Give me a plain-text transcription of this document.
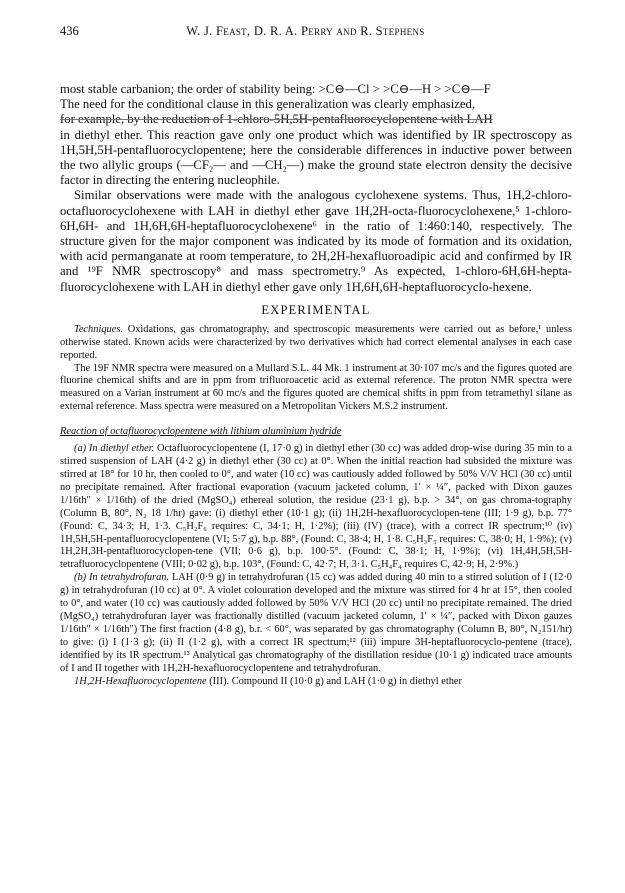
436	W. J. Feast, D. R. A. Perry and R. Stephens

most stable carbanion; the order of stability being: >C⊖—Cl > >C⊖—H > >C⊖—F

The need for the conditional clause in this generalization was clearly emphasized,

for example, by the reduction of 1-chloro-5H,5H-pentafluorocyclopentene with LAH

in diethyl ether. This reaction gave only one product which was identified by IR spectroscopy as 1H,5H,5H-pentafluorocyclopentene; here the considerable differences in inductive power between the two allylic groups (—CF₂— and —CH₂—) make the ground state electron density the decisive factor in directing the entering nucleophile.

Similar observations were made with the analogous cyclohexene systems. Thus, 1H,2-chloro-octafluorocyclohexene with LAH in diethyl ether gave 1H,2H-octa-fluorocyclohexene,⁵ 1-chloro-6H,6H- and 1H,6H,6H-heptafluorocyclohexene⁶ in the ratio of 1:460:140, respectively. The structure given for the major component was indicated by its mode of formation and its oxidation, with acid permanganate at room temperature, to 2H,2H-hexafluoroadipic acid and confirmed by IR and ¹⁹F NMR spectroscopy⁸ and mass spectrometry.⁹ As expected, 1-chloro-6H,6H-hepta-fluorocyclohexene with LAH in diethyl ether gave only 1H,6H,6H-heptafluorocyclo-hexene.

EXPERIMENTAL

Techniques. Oxidations, gas chromatography, and spectroscopic measurements were carried out as before,¹ unless otherwise stated. Known acids were characterized by two derivatives which had correct elemental analyses in each case reported.

The 19F NMR spectra were measured on a Mullard S.L. 44 Mk. 1 instrument at 30·107 mc/s and the figures quoted are fluorine chemical shifts and are in ppm from trifluoroacetic acid as external reference. The proton NMR spectra were measured on a Varian instrument at 60 mc/s and the figures quoted are chemical shifts in ppm from tetramethyl silane as external reference. Mass spectra were measured on a Metropolitan Vickers M.S.2 instrument.

Reaction of octafluorocyclopentene with lithium aluminium hydride

(a) In diethyl ether. Octafluorocyclopentene (I, 17·0 g) in diethyl ether (30 cc) was added drop-wise during 35 min to a stirred suspension of LAH (4·2 g) in diethyl ether (30 cc) at 0°. When the initial reaction had subsided the mixture was stirred at 18° for 10 hr, then cooled to 0°, and water (10 cc) was cautiously added followed by 50% V/V HCl (30 cc) until no precipitate remained. After fractional evaporation (vacuum jacketed column, 1′ × ¼″, packed with Dixon gauzes 1/16th″ × 1/16th) of the dried (MgSO₄) ethereal solution, the residue (23·1 g), b.p. > 34°, on gas chroma-tography (Column B, 80°, N₂ 18 1/hr) gave: (i) diethyl ether (10·1 g); (ii) 1H,2H-hexafluorocyclopen-tene (III; 1·9 g), b.p. 77° (Found: C, 34·3; H, 1·3. C₅H₂F₆ requires: C, 34·1; H, 1·2%); (iii) (IV) (trace), with a correct IR spectrum;¹⁰ (iv) 1H,5H,5H-pentafluorocyclopentene (VI; 5·7 g), b.p. 88°, (Found: C, 38·4; H, 1·8. C₅H₃F₅ requires: C, 38·0; H, 1·9%); (v) 1H,2H,3H-pentafluorocyclopen-tene (VII; 0·6 g), b.p. 100·5°. (Found: C, 38·1; H, 1·9%); (vi) 1H,4H,5H,5H-tetrafluorocyclopentene (VIII; 0·02 g), b.p. 103°, (Found: C, 42·7; H, 3·1. C₅H₄F₄ requires C, 42·9; H, 2·9%.)

(b) In tetrahydrofuran. LAH (0·9 g) in tetrahydrofuran (15 cc) was added during 40 min to a stirred solution of I (12·0 g) in tetrahydrofuran (10 cc) at 0°. A violet colouration developed and the mixture was stirred for 4 hr at 15°, then cooled to 0°, and water (10 cc) was cautiously added followed by 50% V/V HCl (20 cc) until no precipitate remained. The dried (MgSO₄) tetrahydrofuran layer was fractionally distilled (vacuum jacketed column, 1′ × ¼″, packed with Dixon gauzes 1/16th″ × 1/16th″) The first fraction (4·8 g), b.r. < 60°, was separated by gas chromatography (Column B, 80°, N₂151/hr) to give: (i) I (1·3 g); (ii) II (1·2 g), with a correct IR spectrum;¹² (iii) impure 3H-heptafluorocyclo-pentene (trace), identified by its IR spectrum.¹³ Analytical gas chromatography of the distillation residue (10·1 g) indicated trace amounts of I and II together with 1H,2H-hexafluorocyclopentene and tetrahydrofuran.

1H,2H-Hexafluorocyclopentene (III). Compound II (10·0 g) and LAH (1·0 g) in diethyl ether
